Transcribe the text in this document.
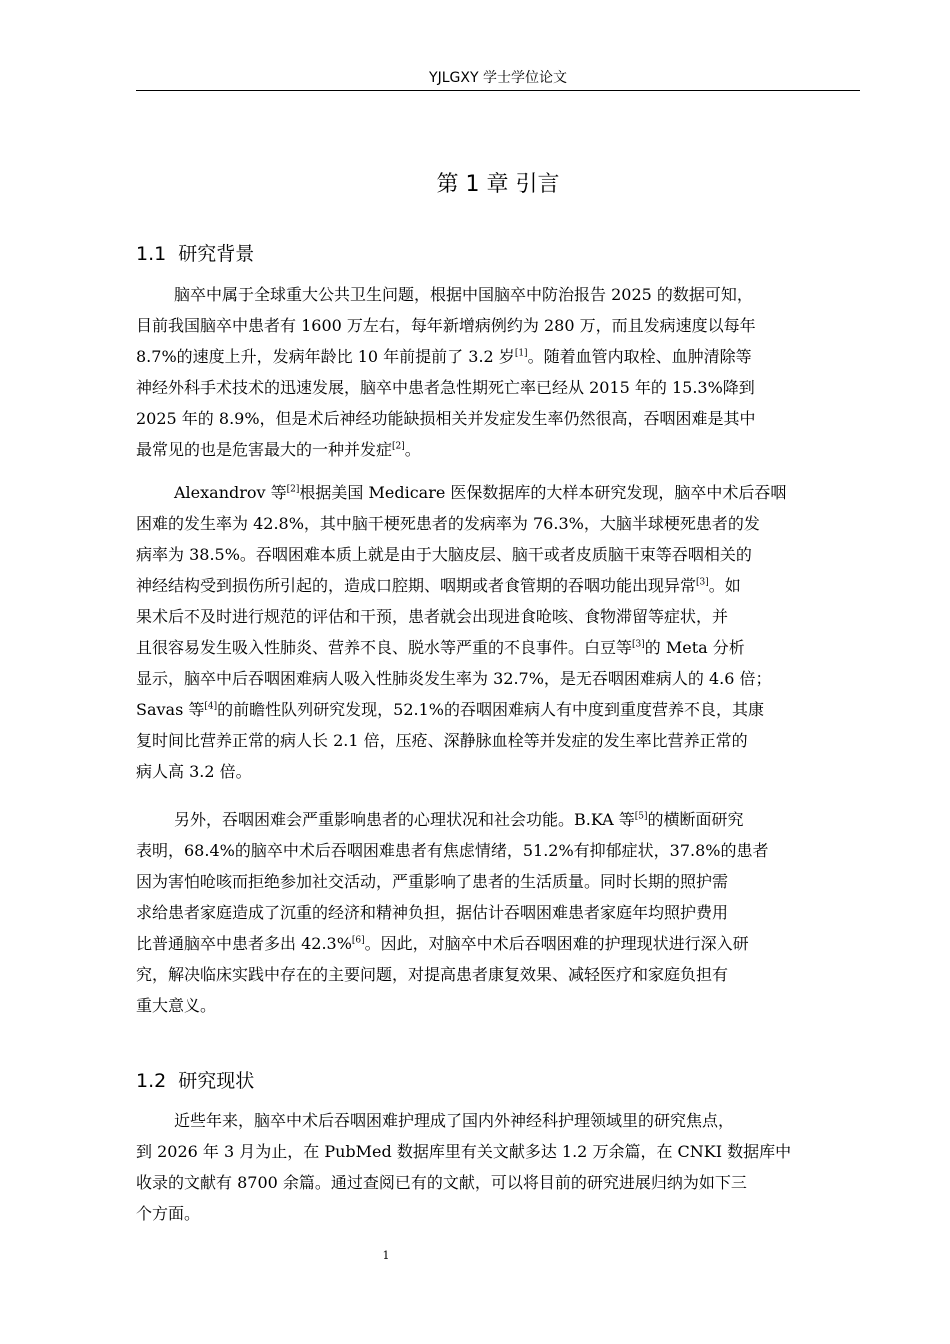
YJLGXY 学士学位论文
第 1 章 引言
1.1 研究背景
脑卒中属于全球重大公共卫生问题，根据中国脑卒中防治报告 2025 的数据可知，
目前我国脑卒中患者有 1600 万左右，每年新增病例约为 280 万，而且发病速度以每年
8.7%的速度上升，发病年龄比 10 年前提前了 3.2 岁[1]。随着血管内取栓、血肿清除等
神经外科手术技术的迅速发展，脑卒中患者急性期死亡率已经从 2015 年的 15.3%降到
2025 年的 8.9%，但是术后神经功能缺损相关并发症发生率仍然很高，吞咽困难是其中
最常见的也是危害最大的一种并发症[2]。
Alexandrov 等[2]根据美国 Medicare 医保数据库的大样本研究发现，脑卒中术后吞咽
困难的发生率为 42.8%，其中脑干梗死患者的发病率为 76.3%，大脑半球梗死患者的发
病率为 38.5%。吞咽困难本质上就是由于大脑皮层、脑干或者皮质脑干束等吞咽相关的
神经结构受到损伤所引起的，造成口腔期、咽期或者食管期的吞咽功能出现异常[3]。如
果术后不及时进行规范的评估和干预，患者就会出现进食呛咳、食物滞留等症状，并
且很容易发生吸入性肺炎、营养不良、脱水等严重的不良事件。白豆等[3]的 Meta 分析
显示，脑卒中后吞咽困难病人吸入性肺炎发生率为 32.7%，是无吞咽困难病人的 4.6 倍；
Savas 等[4]的前瞻性队列研究发现，52.1%的吞咽困难病人有中度到重度营养不良，其康
复时间比营养正常的病人长 2.1 倍，压疮、深静脉血栓等并发症的发生率比营养正常的
病人高 3.2 倍。
另外，吞咽困难会严重影响患者的心理状况和社会功能。B.KA 等[5]的横断面研究
表明，68.4%的脑卒中术后吞咽困难患者有焦虑情绪，51.2%有抑郁症状，37.8%的患者
因为害怕呛咳而拒绝参加社交活动，严重影响了患者的生活质量。同时长期的照护需
求给患者家庭造成了沉重的经济和精神负担，据估计吞咽困难患者家庭年均照护费用
比普通脑卒中患者多出 42.3%[6]。因此，对脑卒中术后吞咽困难的护理现状进行深入研
究，解决临床实践中存在的主要问题，对提高患者康复效果、减轻医疗和家庭负担有
重大意义。
1.2 研究现状
近些年来，脑卒中术后吞咽困难护理成了国内外神经科护理领域里的研究焦点，
到 2026 年 3 月为止，在 PubMed 数据库里有关文献多达 1.2 万余篇，在 CNKI 数据库中
收录的文献有 8700 余篇。通过查阅已有的文献，可以将目前的研究进展归纳为如下三
个方面。
1
